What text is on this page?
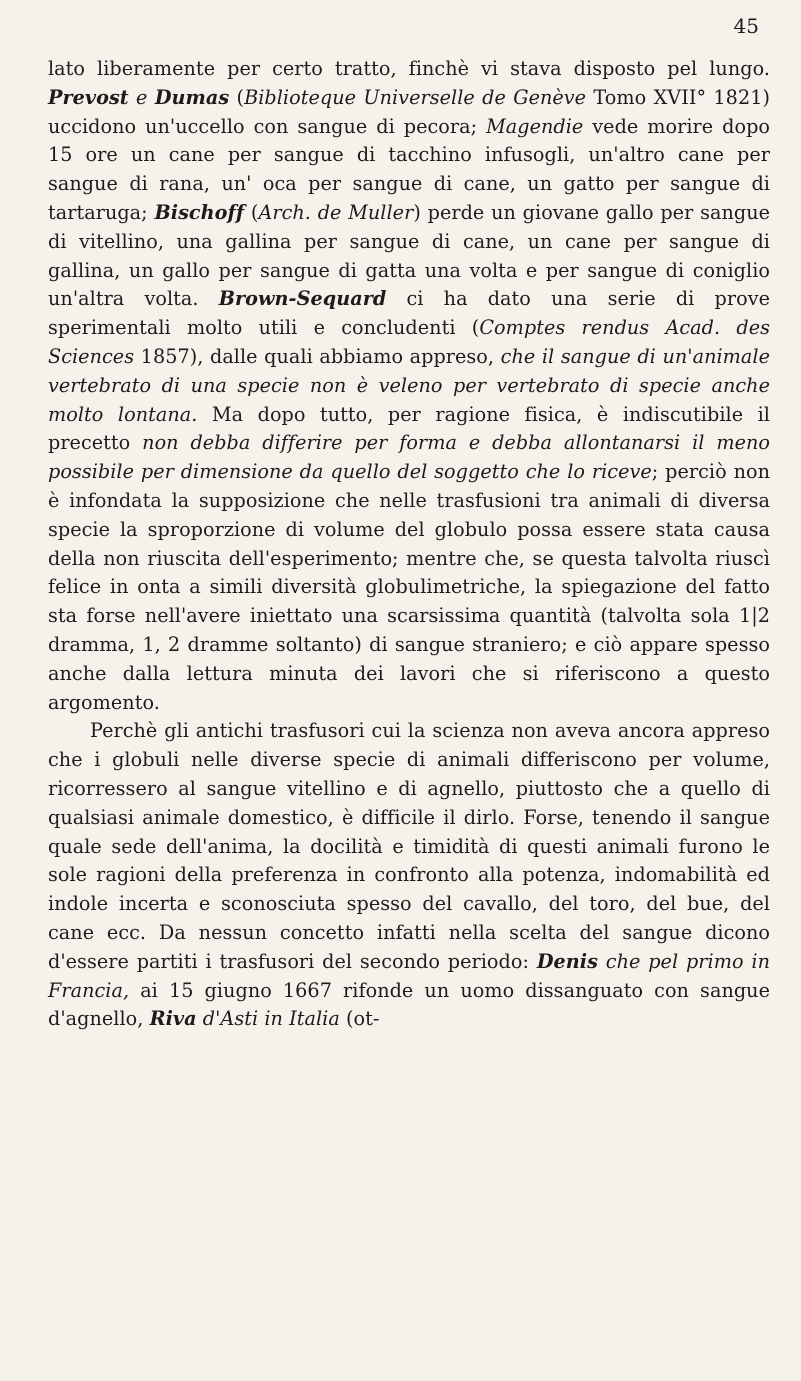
45

lato liberamente per certo tratto, finchè vi stava disposto pel lungo. Prevost e Dumas (Biblioteque Universelle de Genève Tomo XVII° 1821) uccidono un'uccello con sangue di pecora; Magendie vede morire dopo 15 ore un cane per sangue di tacchino infusogli, un'altro cane per sangue di rana, un' oca per sangue di cane, un gatto per sangue di tartaruga; Bischoff (Arch. de Muller) perde un giovane gallo per sangue di vitellino, una gallina per sangue di cane, un cane per sangue di gallina, un gallo per sangue di gatta una volta e per sangue di coniglio un'altra volta. Brown-Sequard ci ha dato una serie di prove sperimentali molto utili e concludenti (Comptes rendus Acad. des Sciences 1857), dalle quali abbiamo appreso, che il sangue di un'animale vertebrato di una specie non è veleno per vertebrato di specie anche molto lontana. Ma dopo tutto, per ragione fisica, è indiscutibile il precetto non debba differire per forma e debba allontanarsi il meno possibile per dimensione da quello del soggetto che lo riceve; perciò non è infondata la supposizione che nelle trasfusioni tra animali di diversa specie la sproporzione di volume del globulo possa essere stata causa della non riuscita dell'esperimento; mentre che, se questa talvolta riuscì felice in onta a simili diversità globulimetriche, la spiegazione del fatto sta forse nell'avere iniettato una scarsissima quantità (talvolta sola 1|2 dramma, 1, 2 dramme soltanto) di sangue straniero; e ciò appare spesso anche dalla lettura minuta dei lavori che si riferiscono a questo argomento.

Perchè gli antichi trasfusori cui la scienza non aveva ancora appreso che i globuli nelle diverse specie di animali differiscono per volume, ricorressero al sangue vitellino e di agnello, piuttosto che a quello di qualsiasi animale domestico, è difficile il dirlo. Forse, tenendo il sangue quale sede dell'anima, la docilità e timidità di questi animali furono le sole ragioni della preferenza in confronto alla potenza, indomabilità ed indole incerta e sconosciuta spesso del cavallo, del toro, del bue, del cane ecc. Da nessun concetto infatti nella scelta del sangue dicono d'essere partiti i trasfusori del secondo periodo: Denis che pel primo in Francia, ai 15 giugno 1667 rifonde un uomo dissanguato con sangue d'agnello, Riva d'Asti in Italia (ot-
